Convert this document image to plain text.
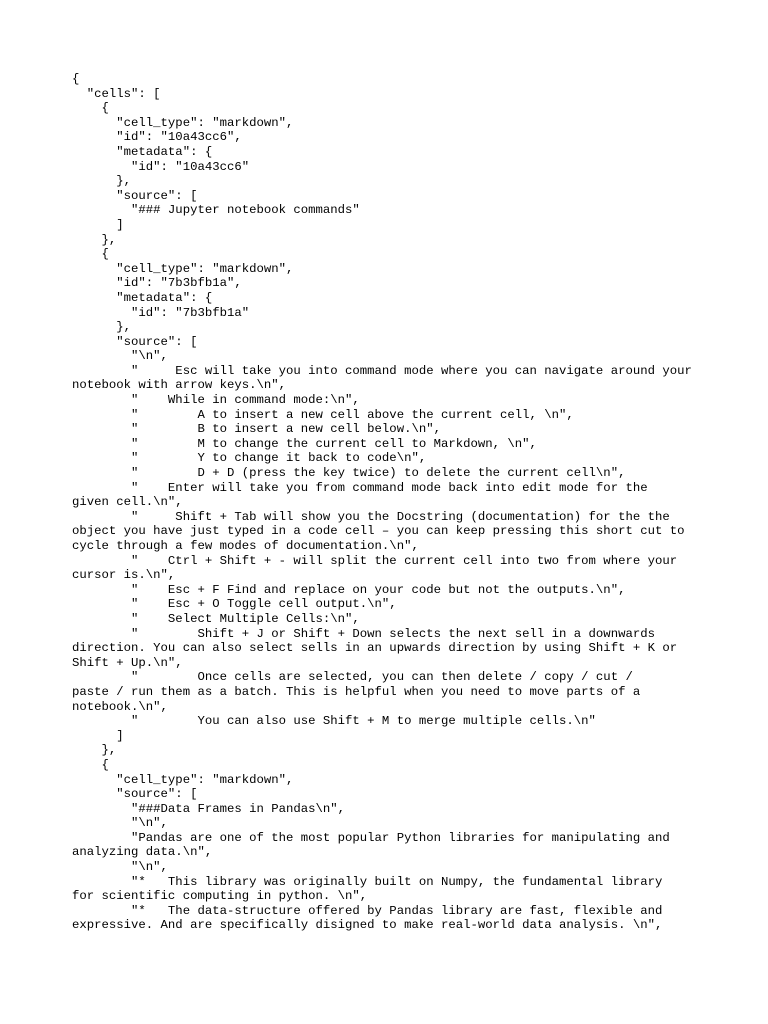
{
"cells": [
{
"cell_type": "markdown",
"id": "10a43cc6",
"metadata": {
"id": "10a43cc6"
},
"source": [
"### Jupyter notebook commands"
]
},
{
"cell_type": "markdown",
"id": "7b3bfb1a",
"metadata": {
"id": "7b3bfb1a"
},
"source": [
"\n",
"     Esc will take you into command mode where you can navigate around your
notebook with arrow keys.\n",
"    While in command mode:\n",
"        A to insert a new cell above the current cell, \n",
"        B to insert a new cell below.\n",
"        M to change the current cell to Markdown, \n",
"        Y to change it back to code\n",
"        D + D (press the key twice) to delete the current cell\n",
"    Enter will take you from command mode back into edit mode for the
given cell.\n",
"     Shift + Tab will show you the Docstring (documentation) for the the
object you have just typed in a code cell – you can keep pressing this short cut to
cycle through a few modes of documentation.\n",
"    Ctrl + Shift + - will split the current cell into two from where your
cursor is.\n",
"    Esc + F Find and replace on your code but not the outputs.\n",
"    Esc + O Toggle cell output.\n",
"    Select Multiple Cells:\n",
"        Shift + J or Shift + Down selects the next sell in a downwards
direction. You can also select sells in an upwards direction by using Shift + K or
Shift + Up.\n",
"        Once cells are selected, you can then delete / copy / cut /
paste / run them as a batch. This is helpful when you need to move parts of a
notebook.\n",
"        You can also use Shift + M to merge multiple cells.\n"
]
},
{
"cell_type": "markdown",
"source": [
"###Data Frames in Pandas\n",
"\n",
"Pandas are one of the most popular Python libraries for manipulating and
analyzing data.\n",
"\n",
"*   This library was originally built on Numpy, the fundamental library
for scientific computing in python. \n",
"*   The data-structure offered by Pandas library are fast, flexible and
expressive. And are specifically disigned to make real-world data analysis. \n",
